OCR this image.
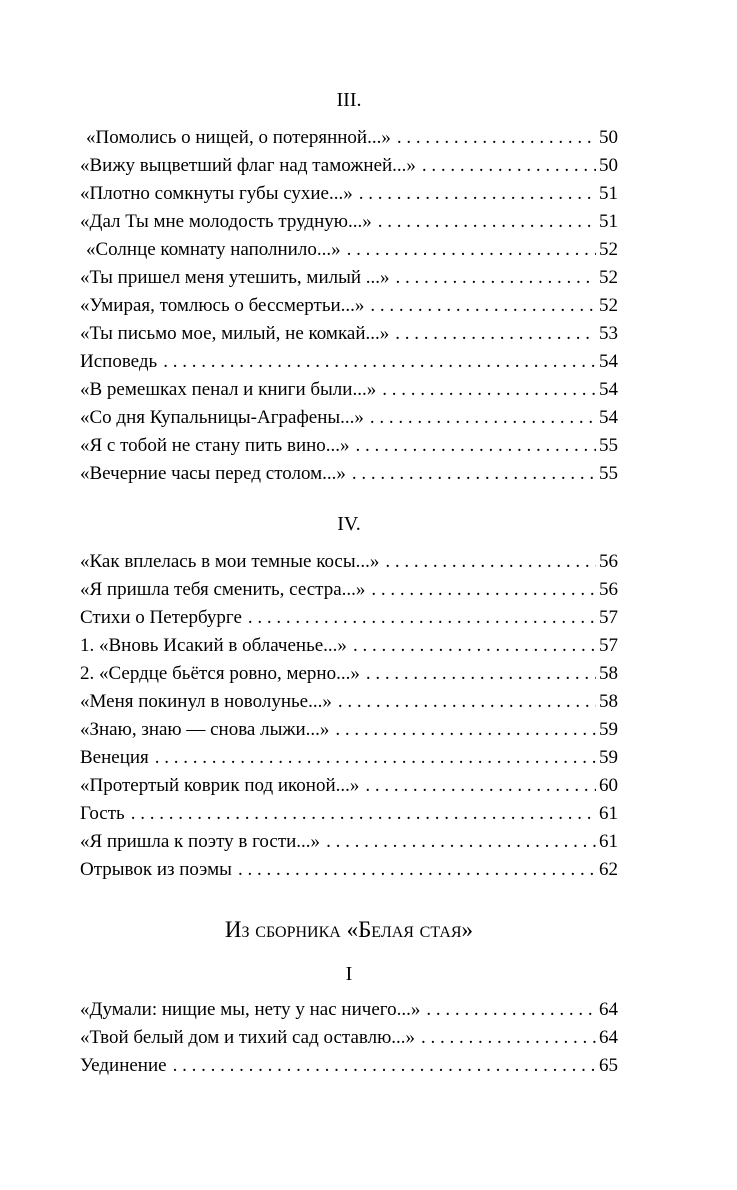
III.
«Помолись о нищей, о потерянной...» . . .	50
«Вижу выцветший флаг над таможней...» . . .	50
«Плотно сомкнуты губы сухие...» . . .	51
«Дал Ты мне молодость трудную...» . . .	51
«Солнце комнату наполнило...» . . .	52
«Ты пришел меня утешить, милый ...» . . .	52
«Умирая, томлюсь о бессмертьи...» . . .	52
«Ты письмо мое, милый, не комкай...» . . .	53
Исповедь . . .	54
«В ремешках пенал и книги были...» . . .	54
«Со дня Купальницы-Аграфены...» . . .	54
«Я с тобой не стану пить вино...» . . .	55
«Вечерние часы перед столом...» . . .	55
IV.
«Как вплелась в мои темные косы...» . . .	56
«Я пришла тебя сменить, сестра...» . . .	56
Стихи о Петербурге . . .	57
1. «Вновь Исакий в облаченье...» . . .	57
2. «Сердце бьётся ровно, мерно...» . . .	58
«Меня покинул в новолунье...» . . .	58
«Знаю, знаю — снова лыжи...» . . .	59
Венеция . . .	59
«Протертый коврик под иконой...» . . .	60
Гость . . .	61
«Я пришла к поэту в гости...» . . .	61
Отрывок из поэмы . . .	62
Из сборника «Белая стая»
I
«Думали: нищие мы, нету у нас ничего...» . . .	64
«Твой белый дом и тихий сад оставлю...» . . .	64
Уединение . . .	65
